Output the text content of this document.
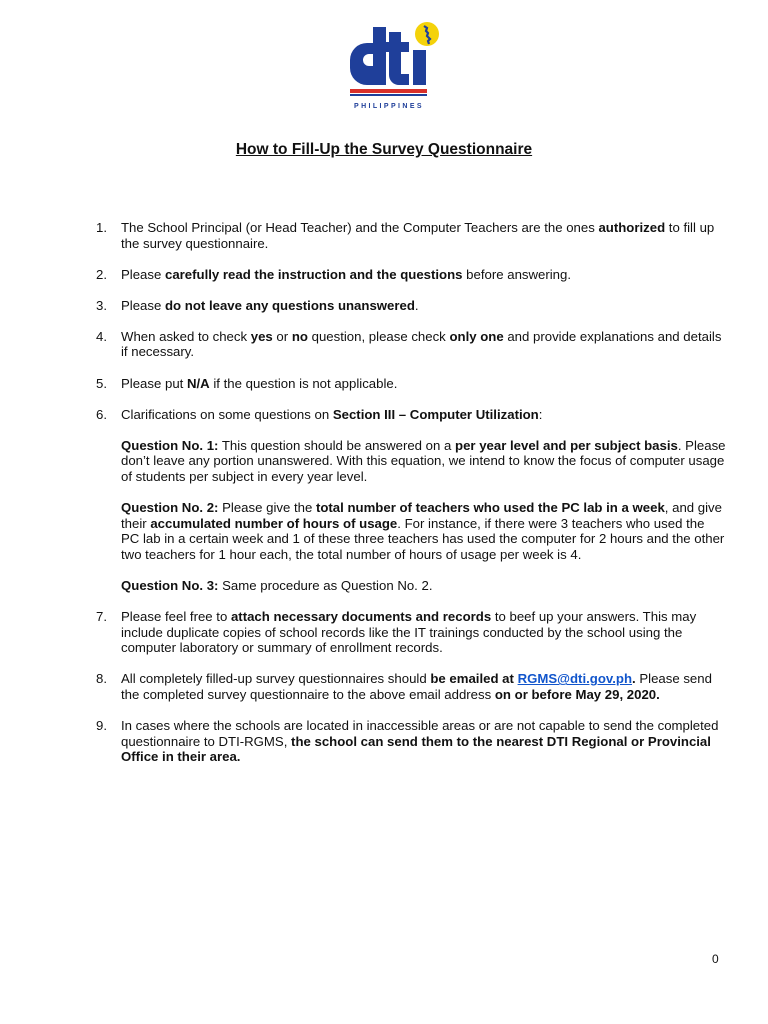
PHILIPPINES
How to Fill-Up the Survey Questionnaire
1. The School Principal (or Head Teacher) and the Computer Teachers are the ones authorized to fill up the survey questionnaire.
2. Please carefully read the instruction and the questions before answering.
3. Please do not leave any questions unanswered.
4. When asked to check yes or no question, please check only one and provide explanations and details if necessary.
5. Please put N/A if the question is not applicable.
6. Clarifications on some questions on Section III – Computer Utilization:

Question No. 1: This question should be answered on a per year level and per subject basis. Please don’t leave any portion unanswered. With this equation, we intend to know the focus of computer usage of students per subject in every year level.

Question No. 2: Please give the total number of teachers who used the PC lab in a week, and give their accumulated number of hours of usage. For instance, if there were 3 teachers who used the PC lab in a certain week and 1 of these three teachers has used the computer for 2 hours and the other two teachers for 1 hour each, the total number of hours of usage per week is 4.

Question No. 3: Same procedure as Question No. 2.

7. Please feel free to attach necessary documents and records to beef up your answers. This may include duplicate copies of school records like the IT trainings conducted by the school using the computer laboratory or summary of enrollment records.
8. All completely filled-up survey questionnaires should be emailed at RGMS@dti.gov.ph. Please send the completed survey questionnaire to the above email address on or before May 29, 2020.
9. In cases where the schools are located in inaccessible areas or are not capable to send the completed questionnaire to DTI-RGMS, the school can send them to the nearest DTI Regional or Provincial Office in their area.
0
